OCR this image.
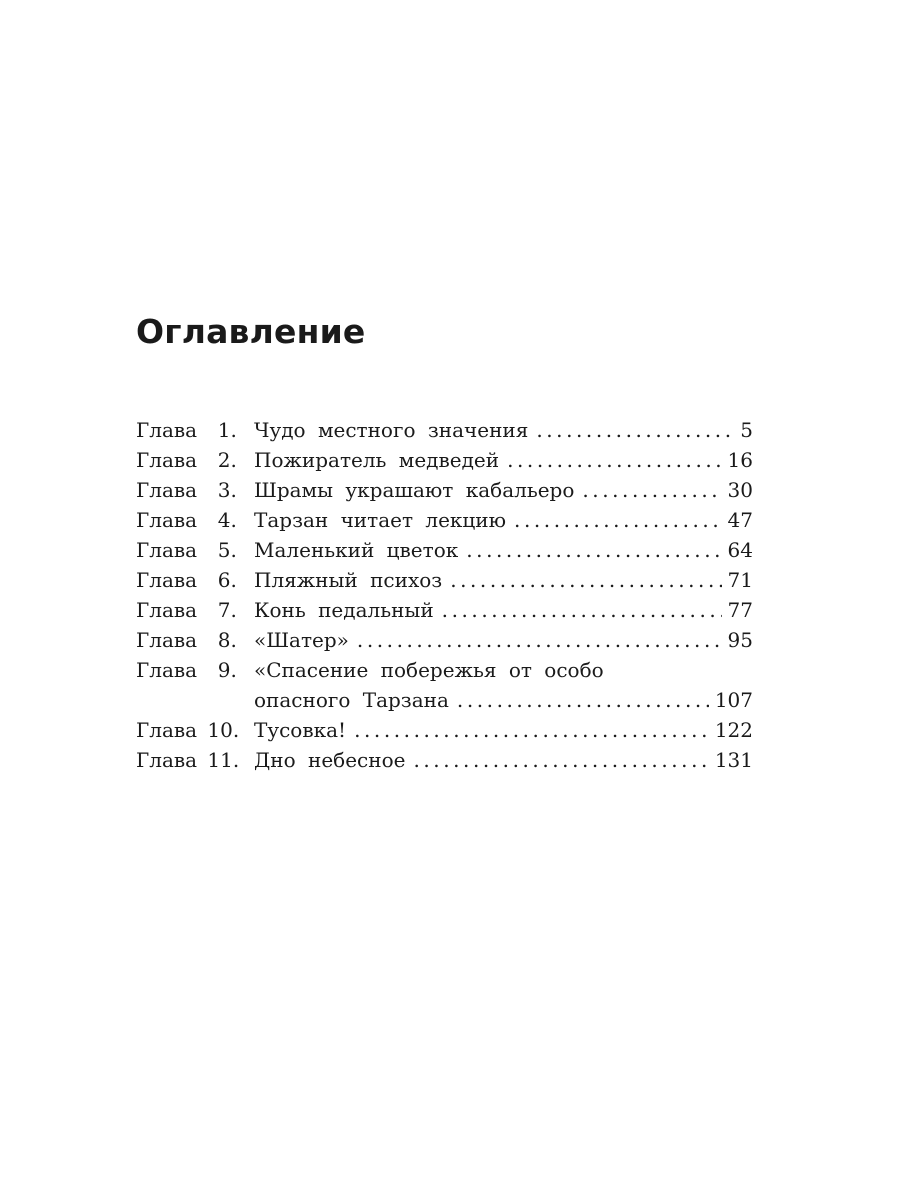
Оглавление
Глава  1. Чудо местного значения . . .	5
Глава  2. Пожиратель медведей . . .	16
Глава  3. Шрамы украшают кабальеро . . .	30
Глава  4. Тарзан читает лекцию . . .	47
Глава  5. Маленький цветок . . .	64
Глава  6. Пляжный психоз . . .	71
Глава  7. Конь педальный . . .	77
Глава  8. «Шатер» . . .	95
Глава  9. «Спасение побережья от особо
опасного Тарзана . . .	107
Глава 10. Тусовка! . . .	122
Глава 11. Дно небесное . . .	131
